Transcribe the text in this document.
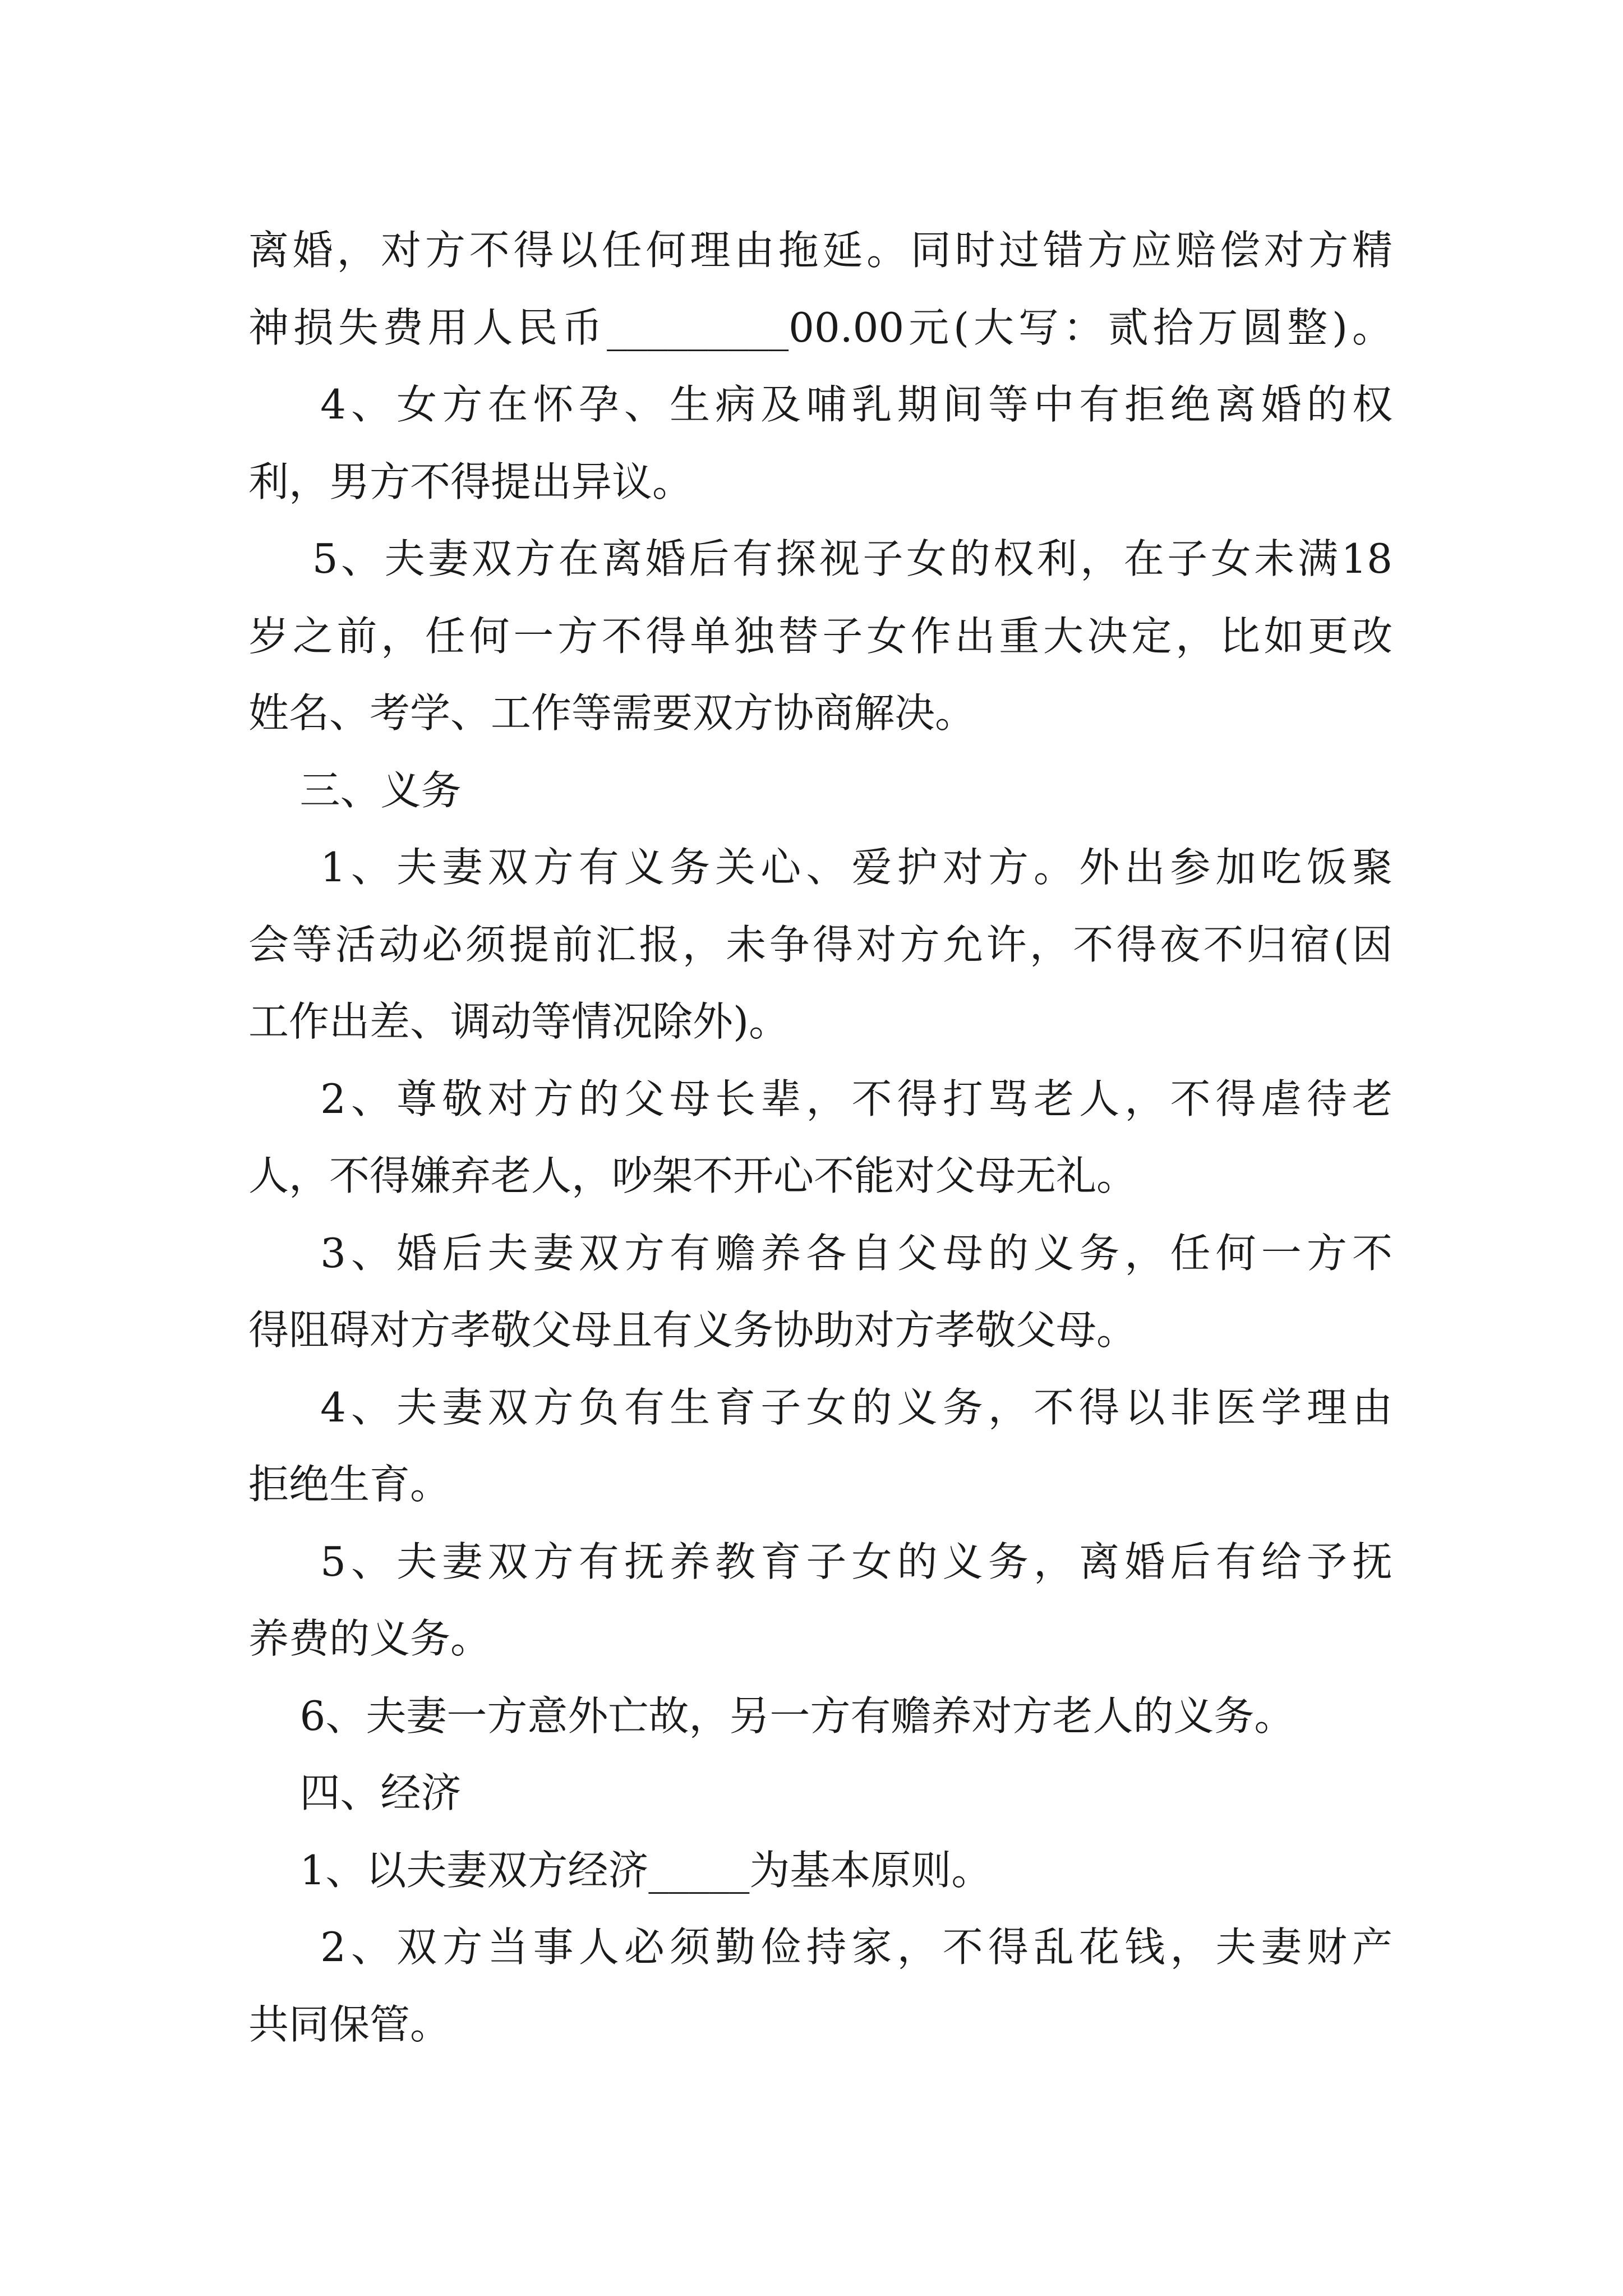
离婚，对方不得以任何理由拖延。同时过错方应赔偿对方精
神损失费用人民币_________00.00元(大写：贰拾万圆整)。
4、女方在怀孕、生病及哺乳期间等中有拒绝离婚的权
利，男方不得提出异议。
5、夫妻双方在离婚后有探视子女的权利，在子女未满18
岁之前，任何一方不得单独替子女作出重大决定，比如更改
姓名、考学、工作等需要双方协商解决。
三、义务
1、夫妻双方有义务关心、爱护对方。外出参加吃饭聚
会等活动必须提前汇报，未争得对方允许，不得夜不归宿(因
工作出差、调动等情况除外)。
2、尊敬对方的父母长辈，不得打骂老人，不得虐待老
人，不得嫌弃老人，吵架不开心不能对父母无礼。
3、婚后夫妻双方有赡养各自父母的义务，任何一方不
得阻碍对方孝敬父母且有义务协助对方孝敬父母。
4、夫妻双方负有生育子女的义务，不得以非医学理由
拒绝生育。
5、夫妻双方有抚养教育子女的义务，离婚后有给予抚
养费的义务。
6、夫妻一方意外亡故，另一方有赡养对方老人的义务。
四、经济
1、以夫妻双方经济_____为基本原则。
2、双方当事人必须勤俭持家，不得乱花钱，夫妻财产
共同保管。
